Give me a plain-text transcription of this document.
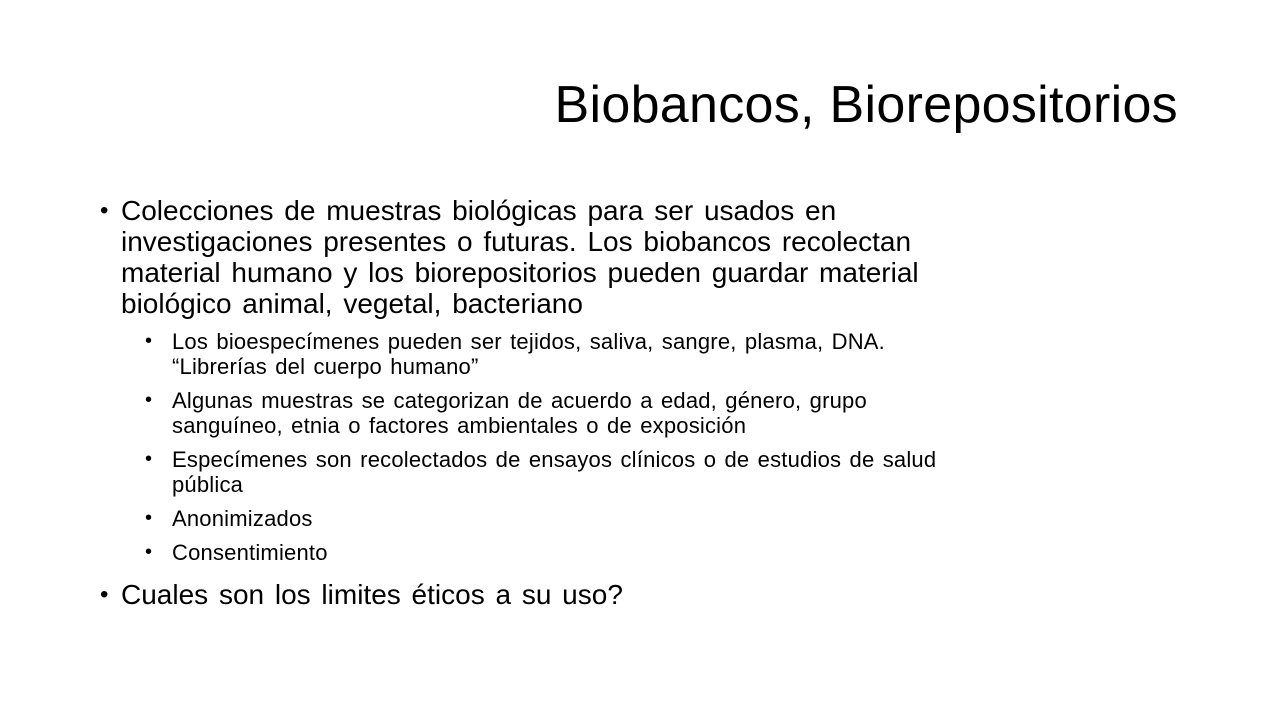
Biobancos, Biorepositorios
• Colecciones de muestras biológicas para ser usados en
investigaciones presentes o futuras. Los biobancos recolectan
material humano y los biorepositorios pueden guardar material
biológico animal, vegetal, bacteriano
• Los bioespecímenes pueden ser tejidos, saliva, sangre, plasma, DNA.
“Librerías del cuerpo humano”
• Algunas muestras se categorizan de acuerdo a edad, género, grupo
sanguíneo, etnia o factores ambientales o de exposición
• Especímenes son recolectados de ensayos clínicos o de estudios de salud
pública
• Anonimizados
• Consentimiento
• Cuales son los limites éticos a su uso?
